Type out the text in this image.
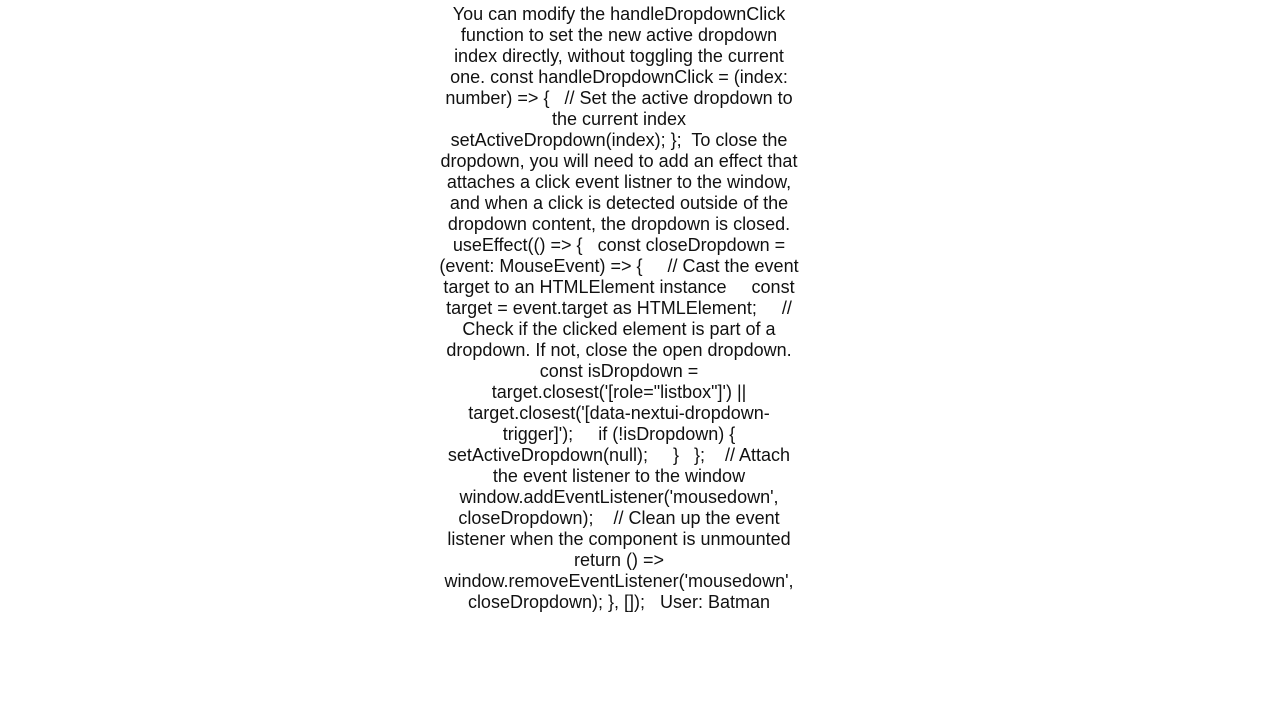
You can modify the handleDropdownClick function to set the new active dropdown index directly, without toggling the current one. const handleDropdownClick = (index: number) => {   // Set the active dropdown to the current index   setActiveDropdown(index); };  To close the dropdown, you will need to add an effect that attaches a click event listner to the window, and when a click is detected outside of the dropdown content, the dropdown is closed. useEffect(() => {   const closeDropdown = (event: MouseEvent) => {     // Cast the event target to an HTMLElement instance     const target = event.target as HTMLElement;     // Check if the clicked element is part of a dropdown. If not, close the open dropdown.     const isDropdown = target.closest('[role="listbox"]') || target.closest('[data-nextui-dropdown-trigger]');     if (!isDropdown) {       setActiveDropdown(null);     }   };    // Attach the event listener to the window   window.addEventListener('mousedown', closeDropdown);    // Clean up the event listener when the component is unmounted   return () => window.removeEventListener('mousedown', closeDropdown); }, []);   User: Batman
